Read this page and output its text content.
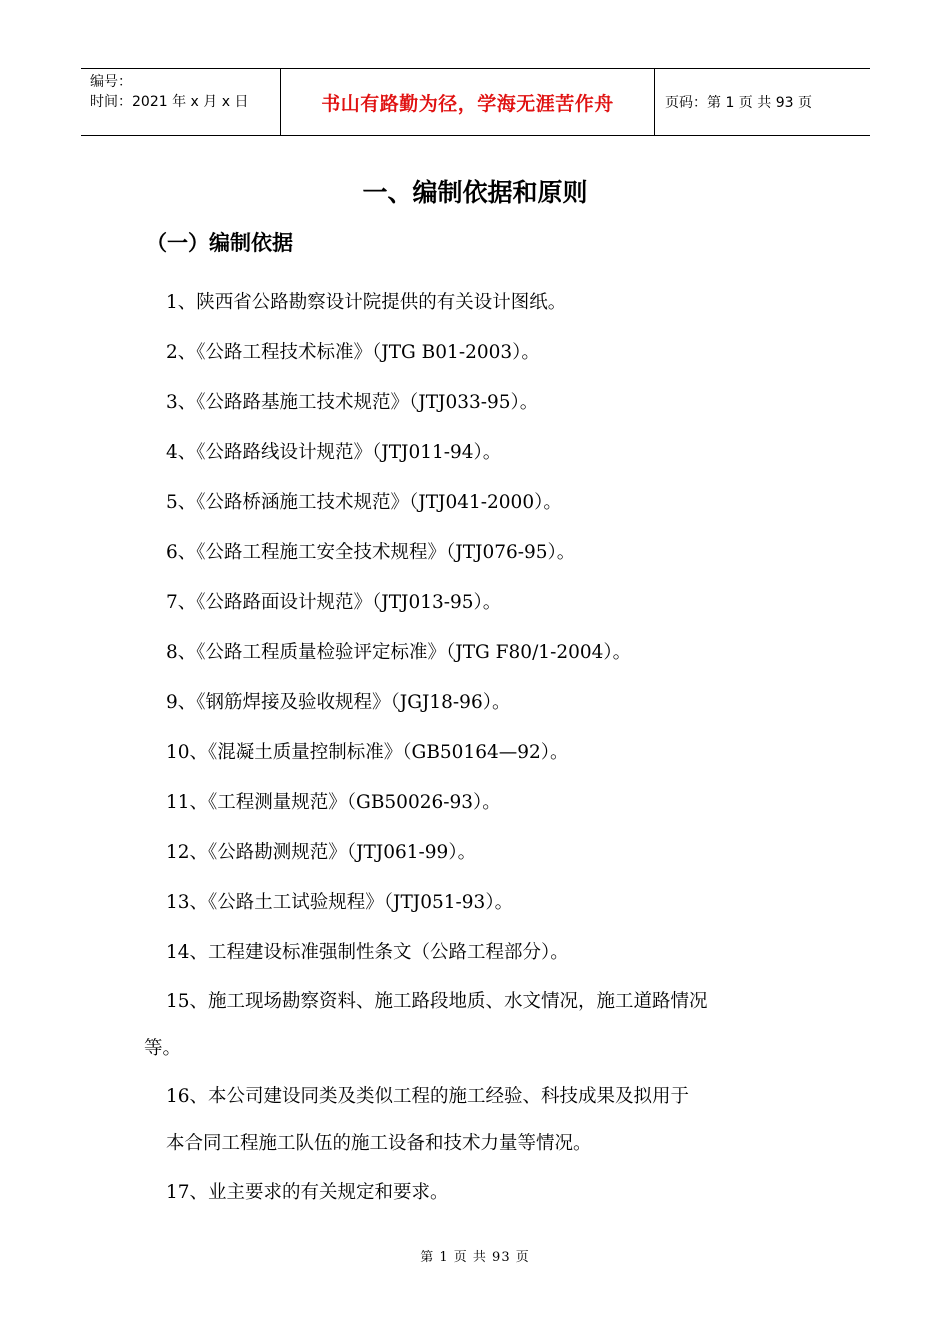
编号：
时间：2021 年 x 月 x 日	书山有路勤为径，学海无涯苦作舟	页码：第 1 页 共 93 页
一、编制依据和原则
（一）编制依据
1、陕西省公路勘察设计院提供的有关设计图纸。
2、《公路工程技术标准》（JTG B01-2003）。
3、《公路路基施工技术规范》（JTJ033-95）。
4、《公路路线设计规范》（JTJ011-94）。
5、《公路桥涵施工技术规范》（JTJ041-2000）。
6、《公路工程施工安全技术规程》（JTJ076-95）。
7、《公路路面设计规范》（JTJ013-95）。
8、《公路工程质量检验评定标准》（JTG F80/1-2004）。
9、《钢筋焊接及验收规程》（JGJ18-96）。
10、《混凝土质量控制标准》（GB50164—92）。
11、《工程测量规范》（GB50026-93）。
12、《公路勘测规范》（JTJ061-99）。
13、《公路土工试验规程》（JTJ051-93）。
14、工程建设标准强制性条文（公路工程部分）。
15、施工现场勘察资料、施工路段地质、水文情况，施工道路情况
等。
16、本公司建设同类及类似工程的施工经验、科技成果及拟用于
本合同工程施工队伍的施工设备和技术力量等情况。
17、业主要求的有关规定和要求。
第 1 页 共 93 页
